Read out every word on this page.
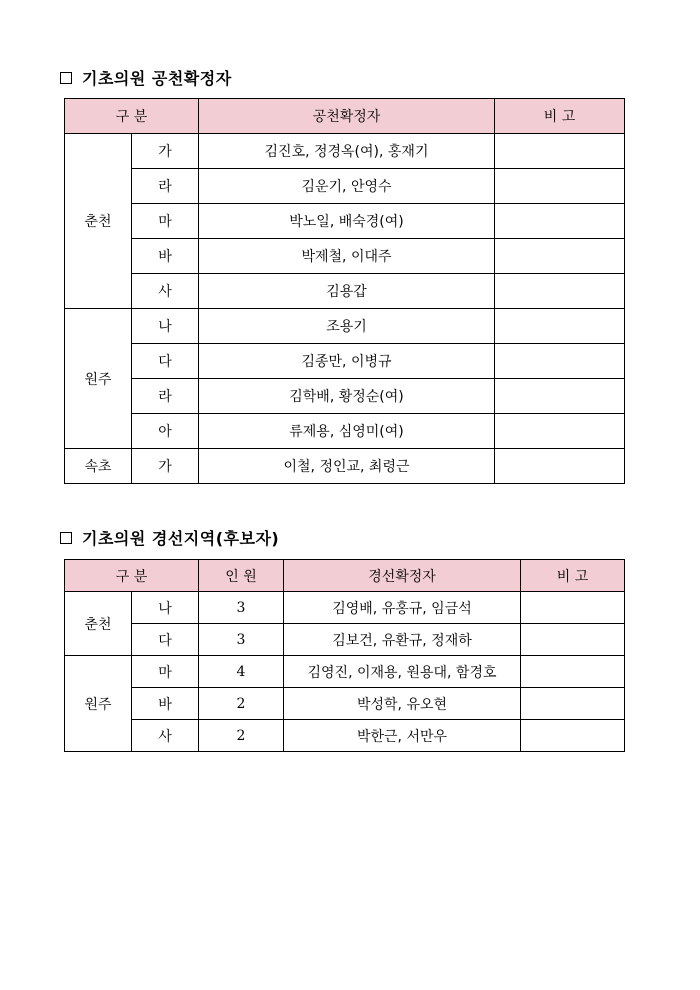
기초의원 공천확정자
구 분		공천확정자	비 고
춘천	가	김진호, 정경옥(여), 홍재기	
	라	김운기, 안영수	
	마	박노일, 배숙경(여)	
	바	박제철, 이대주	
	사	김용갑	
원주	나	조용기	
	다	김종만, 이병규	
	라	김학배, 황정순(여)	
	아	류제용, 심영미(여)	
속초	가	이철, 정인교, 최령근	
기초의원 경선지역(후보자)
구 분		인 원	경선확정자	비 고
춘천	나	3	김영배, 유홍규, 임금석	
	다	3	김보건, 유환규, 정재하	
원주	마	4	김영진, 이재용, 원용대, 함경호	
	바	2	박성학, 유오현	
	사	2	박한근, 서만우	
